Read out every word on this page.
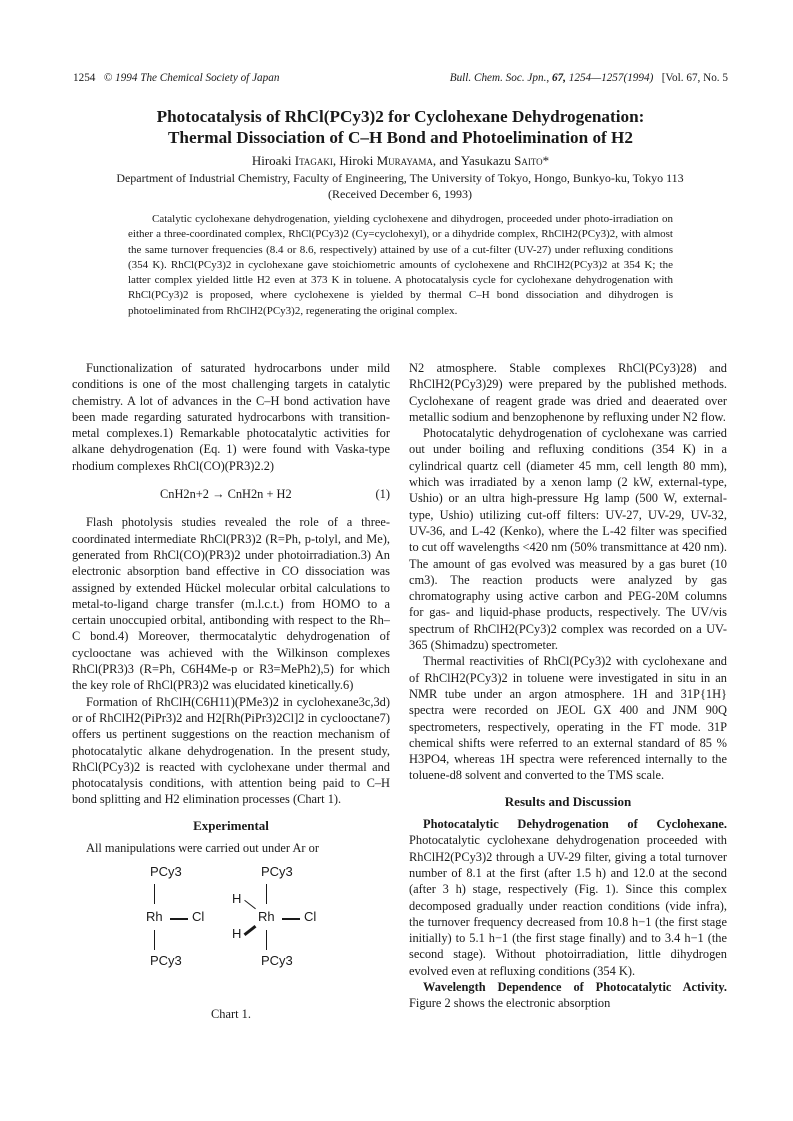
1254 © 1994 The Chemical Society of Japan	Bull. Chem. Soc. Jpn., 67, 1254—1257(1994) [Vol. 67, No. 5
Photocatalysis of RhCl(PCy3)2 for Cyclohexane Dehydrogenation:
Thermal Dissociation of C–H Bond and Photoelimination of H2
Hiroaki Itagaki, Hiroki Murayama, and Yasukazu Saito*
Department of Industrial Chemistry, Faculty of Engineering, The University of Tokyo, Hongo, Bunkyo-ku, Tokyo 113
(Received December 6, 1993)
Catalytic cyclohexane dehydrogenation, yielding cyclohexene and dihydrogen, proceeded under photo-irradiation on either a three-coordinated complex, RhCl(PCy3)2 (Cy=cyclohexyl), or a dihydride complex, RhClH2(PCy3)2, with almost the same turnover frequencies (8.4 or 8.6, respectively) attained by use of a cut-filter (UV-27) under refluxing conditions (354 K). RhCl(PCy3)2 in cyclohexane gave stoichiometric amounts of cyclohexene and RhClH2(PCy3)2 at 354 K; the latter complex yielded little H2 even at 373 K in toluene. A photocatalysis cycle for cyclohexane dehydrogenation with RhCl(PCy3)2 is proposed, where cyclohexene is yielded by thermal C–H bond dissociation and dihydrogen is photoeliminated from RhClH2(PCy3)2, regenerating the original complex.

Functionalization of saturated hydrocarbons under mild conditions is one of the most challenging targets in catalytic chemistry. A lot of advances in the C–H bond activation have been made regarding saturated hydrocarbons with transition-metal complexes.1) Remarkable photocatalytic activities for alkane dehydrogenation (Eq. 1) were found with Vaska-type rhodium complexes RhCl(CO)(PR3)2.2)

CnH2n+2 → CnH2n + H2	(1)

Flash photolysis studies revealed the role of a three-coordinated intermediate RhCl(PR3)2 (R=Ph, p-tolyl, and Me), generated from RhCl(CO)(PR3)2 under photoirradiation.3) An electronic absorption band effective in CO dissociation was assigned by extended Hückel molecular orbital calculations to metal-to-ligand charge transfer (m.l.c.t.) from HOMO to a certain unoccupied orbital, antibonding with respect to the Rh–C bond.4) Moreover, thermocatalytic dehydrogenation of cyclooctane was achieved with the Wilkinson complexes RhCl(PR3)3 (R=Ph, C6H4Me-p or R3=MePh2),5) for which the key role of RhCl(PR3)2 was elucidated kinetically.6)

Formation of RhClH(C6H11)(PMe3)2 in cyclohexane3c,3d) or of RhClH2(PiPr3)2 and H2[Rh(PiPr3)2Cl]2 in cyclooctane7) offers us pertinent suggestions on the reaction mechanism of photocatalytic alkane dehydrogenation. In the present study, RhCl(PCy3)2 is reacted with cyclohexane under thermal and photocatalysis conditions, with attention being paid to C–H bond splitting and H2 elimination processes (Chart 1).

Experimental

All manipulations were carried out under Ar or

PCy3
Rh Cl
PCy3
PCy3
H
Rh Cl
H
PCy3
Chart 1.

N2 atmosphere. Stable complexes RhCl(PCy3)28) and RhClH2(PCy3)29) were prepared by the published methods. Cyclohexane of reagent grade was dried and deaerated over metallic sodium and benzophenone by refluxing under N2 flow.

Photocatalytic dehydrogenation of cyclohexane was carried out under boiling and refluxing conditions (354 K) in a cylindrical quartz cell (diameter 45 mm, cell length 80 mm), which was irradiated by a xenon lamp (2 kW, external-type, Ushio) or an ultra high-pressure Hg lamp (500 W, external-type, Ushio) utilizing cut-off filters: UV-27, UV-29, UV-32, UV-36, and L-42 (Kenko), where the L-42 filter was specified to cut off wavelengths <420 nm (50% transmittance at 420 nm). The amount of gas evolved was measured by a gas buret (10 cm3). The reaction products were analyzed by gas chromatography using active carbon and PEG-20M columns for gas- and liquid-phase products, respectively. The UV/vis spectrum of RhClH2(PCy3)2 complex was recorded on a UV-365 (Shimadzu) spectrometer.

Thermal reactivities of RhCl(PCy3)2 with cyclohexane and of RhClH2(PCy3)2 in toluene were investigated in situ in an NMR tube under an argon atmosphere. 1H and 31P{1H} spectra were recorded on JEOL GX 400 and JNM 90Q spectrometers, respectively, operating in the FT mode. 31P chemical shifts were referred to an external standard of 85 % H3PO4, whereas 1H spectra were referenced internally to the toluene-d8 solvent and converted to the TMS scale.

Results and Discussion

Photocatalytic Dehydrogenation of Cyclohexane. Photocatalytic cyclohexane dehydrogenation proceeded with RhClH2(PCy3)2 through a UV-29 filter, giving a total turnover number of 8.1 at the first (after 1.5 h) and 12.0 at the second (after 3 h) stage, respectively (Fig. 1). Since this complex decomposed gradually under reaction conditions (vide infra), the turnover frequency decreased from 10.8 h−1 (the first stage initially) to 5.1 h−1 (the first stage finally) and to 3.4 h−1 (the second stage). Without photoirradiation, little dihydrogen evolved even at refluxing conditions (354 K).

Wavelength Dependence of Photocatalytic Activity. Figure 2 shows the electronic absorption
